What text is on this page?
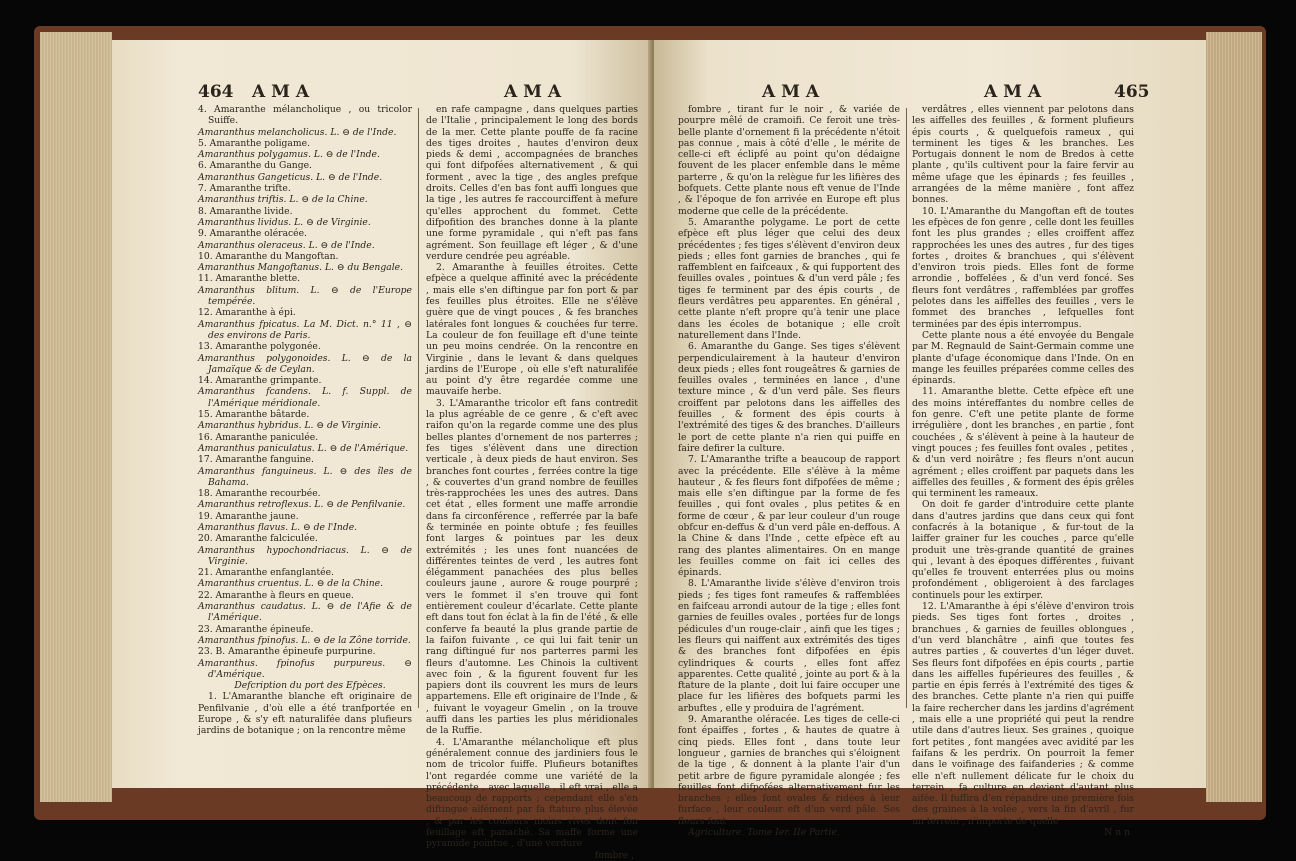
464 A M A	A M A

4. Amaranthe mélancholique , ou tricolor Suiffe.

Amaranthus melancholicus. L. ⊖ de l'Inde.

5. Amaranthe poligame.

Amaranthus polygamus. L. ⊖ de l'Inde.

6. Amaranthe du Gange.

Amaranthus Gangeticus. L. ⊖ de l'Inde.

7. Amaranthe trifte.

Amaranthus triftis. L. ⊖ de la Chine.

8. Amaranthe livide.

Amaranthus lividus. L. ⊖ de Virginie.

9. Amaranthe oléracée.

Amaranthus oleraceus. L. ⊖ de l'Inde.

10. Amaranthe du Mangoftan.

Amaranthus Mangoftanus. L. ⊖ du Bengale.

11. Amaranthe blette.

Amaranthus blitum. L. ⊖ de l'Europe tempérée.

12. Amaranthe à épi.

Amaranthus fpicatus. La M. Dict. n.° 11 , ⊖ des environs de Paris.

13. Amaranthe polygonée.

Amaranthus polygonoides. L. ⊖ de la Jamaïque & de Ceylan.

14. Amaranthe grimpante.

Amaranthus fcandens. L. f. Suppl. de l'Amérique méridionale.

15. Amaranthe bâtarde.

Amaranthus hybridus. L. ⊖ de Virginie.

16. Amaranthe paniculée.

Amaranthus paniculatus. L. ⊖ de l'Amérique.

17. Amaranthe fanguine.

Amaranthus fanguineus. L. ⊖ des îles de Bahama.

18. Amaranthe recourbée.

Amaranthus retroflexus. L. ⊖ de Penfilvanie.

19. Amaranthe jaune.

Amaranthus flavus. L. ⊖ de l'Inde.

20. Amaranthe falciculée.

Amaranthus hypochondriacus. L. ⊖ de Virginie.

21. Amaranthe enfanglantée.

Amaranthus cruentus. L. ⊖ de la Chine.

22. Amaranthe à fleurs en queue.

Amaranthus caudatus. L. ⊖ de l'Afie & de l'Amérique.

23. Amaranthe épineufe.

Amaranthus fpinofus. L. ⊖ de la Zône torride.

23. B. Amaranthe épineufe purpurine.

Amaranthus. fpinofus purpureus. ⊖ d'Amérique.

Defcription du port des Efpèces.

1. L'Amaranthe blanche eft originaire de Penfilvanie , d'où elle a été tranfportée en Europe , & s'y eft naturalifée dans plufieurs jardins de botanique ; on la rencontre même

en rafe campagne , dans quelques parties de l'Italie , principalement le long des bords de la mer. Cette plante pouffe de fa racine des tiges droites , hautes d'environ deux pieds & demi , accompagnées de branches qui font difpofées alternativement , & qui forment , avec la tige , des angles prefque droits. Celles d'en bas font auffi longues que la tige , les autres fe raccourciffent à mefure qu'elles approchent du fommet. Cette difpofition des branches donne à la plante une forme pyramidale , qui n'eft pas fans agrément. Son feuillage eft léger , & d'une verdure cendrée peu agréable.

2. Amaranthe à feuilles étroites. Cette efpèce a quelque affinité avec la précédente , mais elle s'en diftingue par fon port & par fes feuilles plus étroites. Elle ne s'élève guère que de vingt pouces , & fes branches latérales font longues & couchées fur terre. La couleur de fon feuillage eft d'une teinte un peu moins cendrée. On la rencontre en Virginie , dans le levant & dans quelques jardins de l'Europe , où elle s'eft naturalifée au point d'y être regardée comme une mauvaife herbe.

3. L'Amaranthe tricolor eft fans contredit la plus agréable de ce genre , & c'eft avec raifon qu'on la regarde comme une des plus belles plantes d'ornement de nos parterres ; fes tiges s'élèvent dans une direction verticale , à deux pieds de haut environ. Ses branches font courtes , ferrées contre la tige , & couvertes d'un grand nombre de feuilles très-rapprochées les unes des autres. Dans cet état , elles forment une maffe arrondie dans fa circonférence , refferrée par la bafe & terminée en pointe obtufe ; fes feuilles font larges & pointues par les deux extrémités ; les unes font nuancées de différentes teintes de verd , les autres font élégamment panachées des plus belles couleurs jaune , aurore & rouge pourpré ; vers le fommet il s'en trouve qui font entièrement couleur d'écarlate. Cette plante eft dans tout fon éclat à la fin de l'été , & elle conferve fa beauté la plus grande partie de la faifon fuivante , ce qui lui fait tenir un rang diftingué fur nos parterres parmi les fleurs d'automne. Les Chinois la cultivent avec foin , & la figurent fouvent fur les papiers dont ils couvrent les murs de leurs appartemens. Elle eft originaire de l'Inde , & , fuivant le voyageur Gmelin , on la trouve auffi dans les parties les plus méridionales de la Ruffie.

4. L'Amaranthe mélancholique eft plus généralement connue des jardiniers fous le nom de tricolor fuiffe. Plufieurs botaniftes l'ont regardée comme une variété de la précédente , avec laquelle , il eft vrai , elle a beaucoup de rapports ; cependant elle s'en diftingue aifément par fa ftature plus élevée , & par les couleurs moins vives dont fon feuillage eft panaché. Sa maffe forme une pyramide pointue , d'une verdure

fombre ,

A M A	A M A	465

fombre , tirant fur le noir , & variée de pourpre mêlé de cramoifi. Ce feroit une très-belle plante d'ornement fi la précédente n'étoit pas connue , mais à côté d'elle , le mérite de celle-ci eft éclipfé au point qu'on dédaigne fouvent de les placer enfemble dans le même parterre , & qu'on la relègue fur les lifières des bofquets. Cette plante nous eft venue de l'Inde , & l'époque de fon arrivée en Europe eft plus moderne que celle de la précédente.

5. Amaranthe polygame. Le port de cette efpèce eft plus léger que celui des deux précédentes ; fes tiges s'élèvent d'environ deux pieds ; elles font garnies de branches , qui fe raffemblent en faifceaux , & qui fupportent des feuilles ovales , pointues & d'un verd pâle ; fes tiges fe terminent par des épis courts , de fleurs verdâtres peu apparentes. En général , cette plante n'eft propre qu'à tenir une place dans les écoles de botanique ; elle croît naturellement dans l'Inde.

6. Amaranthe du Gange. Ses tiges s'élèvent perpendiculairement à la hauteur d'environ deux pieds ; elles font rougeâtres & garnies de feuilles ovales , terminées en lance , d'une texture mince , & d'un verd pâle. Ses fleurs croiffent par pelotons dans les aiffelles des feuilles , & forment des épis courts à l'extrémité des tiges & des branches. D'ailleurs le port de cette plante n'a rien qui puiffe en faire defirer la culture.

7. L'Amaranthe trifte a beaucoup de rapport avec la précédente. Elle s'élève à la même hauteur , & fes fleurs font difpofées de même ; mais elle s'en diftingue par la forme de fes feuilles , qui font ovales , plus petites & en forme de cœur , & par leur couleur d'un rouge obfcur en-deffus & d'un verd pâle en-deffous. A la Chine & dans l'Inde , cette efpèce eft au rang des plantes alimentaires. On en mange les feuilles comme on fait ici celles des épinards.

8. L'Amaranthe livide s'élève d'environ trois pieds ; fes tiges font rameufes & raffemblées en faifceau arrondi autour de la tige ; elles font garnies de feuilles ovales , portées fur de longs pédicules d'un rouge-clair , ainfi que les tiges ; les fleurs qui naiffent aux extrémités des tiges & des branches font difpofées en épis cylindriques & courts , elles font affez apparentes. Cette qualité , jointe au port & à la ftature de la plante , doit lui faire occuper une place fur les lifières des bofquets parmi les arbuftes , elle y produira de l'agrément.

9. Amaranthe oléracée. Les tiges de celle-ci font épaiffes , fortes , & hautes de quatre à cinq pieds. Elles font , dans toute leur longueur , garnies de branches qui s'éloignent de la tige , & donnent à la plante l'air d'un petit arbre de figure pyramidale alongée ; fes feuilles font difpofées alternativement fur les branches ; elles font ovales & ridées à leur furface , leur couleur eft d'un verd pâle. Ses fleurs font

Agriculture. Tome Ier. IIe Partie.

verdâtres , elles viennent par pelotons dans les aiffelles des feuilles , & forment plufieurs épis courts , & quelquefois rameux , qui terminent les tiges & les branches. Les Portugais donnent le nom de Bredos à cette plante , qu'ils cultivent pour la faire fervir au même ufage que les épinards ; fes feuilles , arrangées de la même manière , font affez bonnes.

10. L'Amaranthe du Mangoftan eft de toutes les efpèces de fon genre , celle dont les feuilles font les plus grandes ; elles croiffent affez rapprochées les unes des autres , fur des tiges fortes , droites & branchues , qui s'élèvent d'environ trois pieds. Elles font de forme arrondie , boffelées , & d'un verd foncé. Ses fleurs font verdâtres , raffemblées par groffes pelotes dans les aiffelles des feuilles , vers le fommet des branches , lefquelles font terminées par des épis interrompus.

Cette plante nous a été envoyée du Bengale par M. Regnauld de Saint-Germain comme une plante d'ufage économique dans l'Inde. On en mange les feuilles préparées comme celles des épinards.

11. Amaranthe blette. Cette efpèce eft une des moins intéreffantes du nombre celles de fon genre. C'eft une petite plante de forme irrégulière , dont les branches , en partie , font couchées , & s'élèvent à peine à la hauteur de vingt pouces ; fes feuilles font ovales , petites , & d'un verd noirâtre ; fes fleurs n'ont aucun agrément ; elles croiffent par paquets dans les aiffelles des feuilles , & forment des épis grêles qui terminent les rameaux.

On doit fe garder d'introduire cette plante dans d'autres jardins que dans ceux qui font confacrés à la botanique , & fur-tout de la laiffer grainer fur les couches , parce qu'elle produit une très-grande quantité de graines qui , levant à des époques différentes , fuivant qu'elles fe trouvent enterrées plus ou moins profondément , obligeroient à des farclages continuels pour les extirper.

12. L'Amaranthe à épi s'élève d'environ trois pieds. Ses tiges font fortes , droites , branchues , & garnies de feuilles oblongues , d'un verd blanchâtre , ainfi que toutes fes autres parties , & couvertes d'un léger duvet. Ses fleurs font difpofées en épis courts , partie dans les aiffelles fupérieures des feuilles , & partie en épis ferrés à l'extrémité des tiges & des branches. Cette plante n'a rien qui puiffe la faire rechercher dans les jardins d'agrément , mais elle a une propriété qui peut la rendre utile dans d'autres lieux. Ses graines , quoique fort petites , font mangées avec avidité par les faifans & les perdrix. On pourroit la femer dans le voifinage des faifanderies ; & comme elle n'eft nullement délicate fur le choix du terrein , fa culture en devient d'autant plus aifée. Il fuffira d'en répandre une première fois des graines à la volée , vers la fin d'avril , fur un terrein , n'importe de quelle

N n n
